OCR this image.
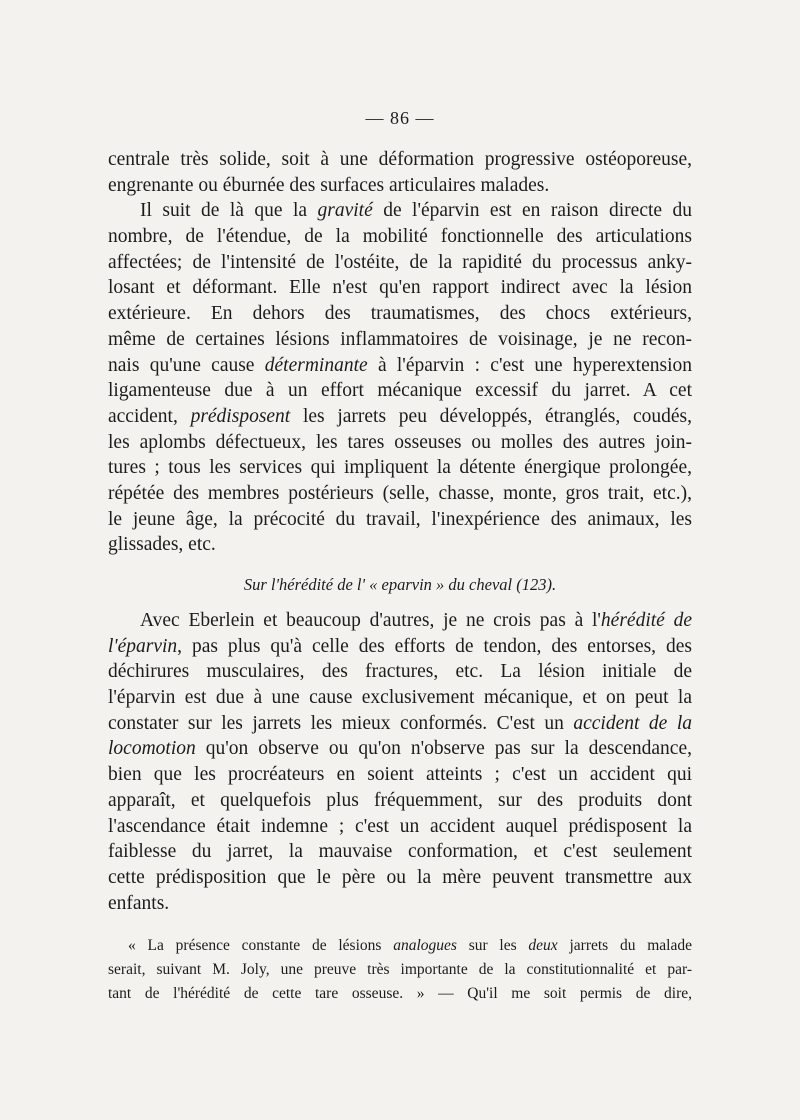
— 86 —
centrale très solide, soit à une déformation progressive ostéoporeuse,
engrenante ou éburnée des surfaces articulaires malades.
Il suit de là que la gravité de l'éparvin est en raison directe du
nombre, de l'étendue, de la mobilité fonctionnelle des articulations
affectées; de l'intensité de l'ostéite, de la rapidité du processus anky-
losant et déformant. Elle n'est qu'en rapport indirect avec la lésion
extérieure. En dehors des traumatismes, des chocs extérieurs,
même de certaines lésions inflammatoires de voisinage, je ne recon-
nais qu'une cause déterminante à l'éparvin : c'est une hyperextension
ligamenteuse due à un effort mécanique excessif du jarret. A cet
accident, prédisposent les jarrets peu développés, étranglés, coudés,
les aplombs défectueux, les tares osseuses ou molles des autres join-
tures ; tous les services qui impliquent la détente énergique prolongée,
répétée des membres postérieurs (selle, chasse, monte, gros trait, etc.),
le jeune âge, la précocité du travail, l'inexpérience des animaux, les
glissades, etc.
Sur l'hérédité de l' « eparvin » du cheval (123).
Avec Eberlein et beaucoup d'autres, je ne crois pas à l'hérédité de
l'éparvin, pas plus qu'à celle des efforts de tendon, des entorses, des
déchirures musculaires, des fractures, etc. La lésion initiale de
l'éparvin est due à une cause exclusivement mécanique, et on peut la
constater sur les jarrets les mieux conformés. C'est un accident de la
locomotion qu'on observe ou qu'on n'observe pas sur la descendance,
bien que les procréateurs en soient atteints ; c'est un accident qui
apparaît, et quelquefois plus fréquemment, sur des produits dont
l'ascendance était indemne ; c'est un accident auquel prédisposent la
faiblesse du jarret, la mauvaise conformation, et c'est seulement
cette prédisposition que le père ou la mère peuvent transmettre aux
enfants.
« La présence constante de lésions analogues sur les deux jarrets du malade
serait, suivant M. Joly, une preuve très importante de la constitutionnalité et par-
tant de l'hérédité de cette tare osseuse. » — Qu'il me soit permis de dire,
